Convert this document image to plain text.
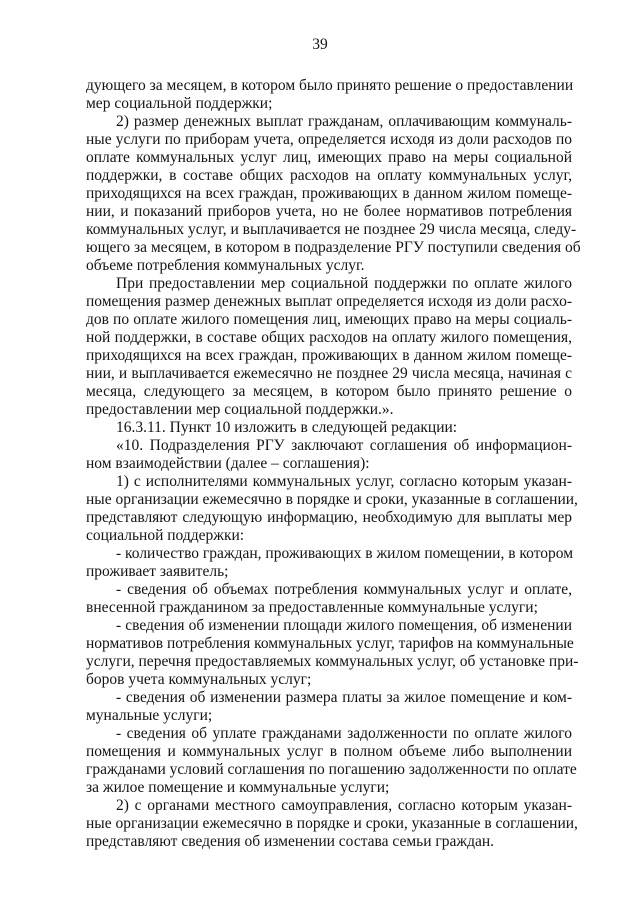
39

дующего за месяцем, в котором было принято решение о предоставлении
мер социальной поддержки;

2) размер денежных выплат гражданам, оплачивающим коммуналь-
ные услуги по приборам учета, определяется исходя из доли расходов по
оплате коммунальных услуг лиц, имеющих право на меры социальной
поддержки, в составе общих расходов на оплату коммунальных услуг,
приходящихся на всех граждан, проживающих в данном жилом помеще-
нии, и показаний приборов учета, но не более нормативов потребления
коммунальных услуг, и выплачивается не позднее 29 числа месяца, следу-
ющего за месяцем, в котором в подразделение РГУ поступили сведения об
объеме потребления коммунальных услуг.

При предоставлении мер социальной поддержки по оплате жилого
помещения размер денежных выплат определяется исходя из доли расхо-
дов по оплате жилого помещения лиц, имеющих право на меры социаль-
ной поддержки, в составе общих расходов на оплату жилого помещения,
приходящихся на всех граждан, проживающих в данном жилом помеще-
нии, и выплачивается ежемесячно не позднее 29 числа месяца, начиная с
месяца, следующего за месяцем, в котором было принято решение о
предоставлении мер социальной поддержки.».

16.3.11. Пункт 10 изложить в следующей редакции:

«10. Подразделения РГУ заключают соглашения об информацион-
ном взаимодействии (далее – соглашения):

1) с исполнителями коммунальных услуг, согласно которым указан-
ные организации ежемесячно в порядке и сроки, указанные в соглашении,
представляют следующую информацию, необходимую для выплаты мер
социальной поддержки:

- количество граждан, проживающих в жилом помещении, в котором
проживает заявитель;

- сведения об объемах потребления коммунальных услуг и оплате,
внесенной гражданином за предоставленные коммунальные услуги;

- сведения об изменении площади жилого помещения, об изменении
нормативов потребления коммунальных услуг, тарифов на коммунальные
услуги, перечня предоставляемых коммунальных услуг, об установке при-
боров учета коммунальных услуг;

- сведения об изменении размера платы за жилое помещение и ком-
мунальные услуги;

- сведения об уплате гражданами задолженности по оплате жилого
помещения и коммунальных услуг в полном объеме либо выполнении
гражданами условий соглашения по погашению задолженности по оплате
за жилое помещение и коммунальные услуги;

2) с органами местного самоуправления, согласно которым указан-
ные организации ежемесячно в порядке и сроки, указанные в соглашении,
представляют сведения об изменении состава семьи граждан.
